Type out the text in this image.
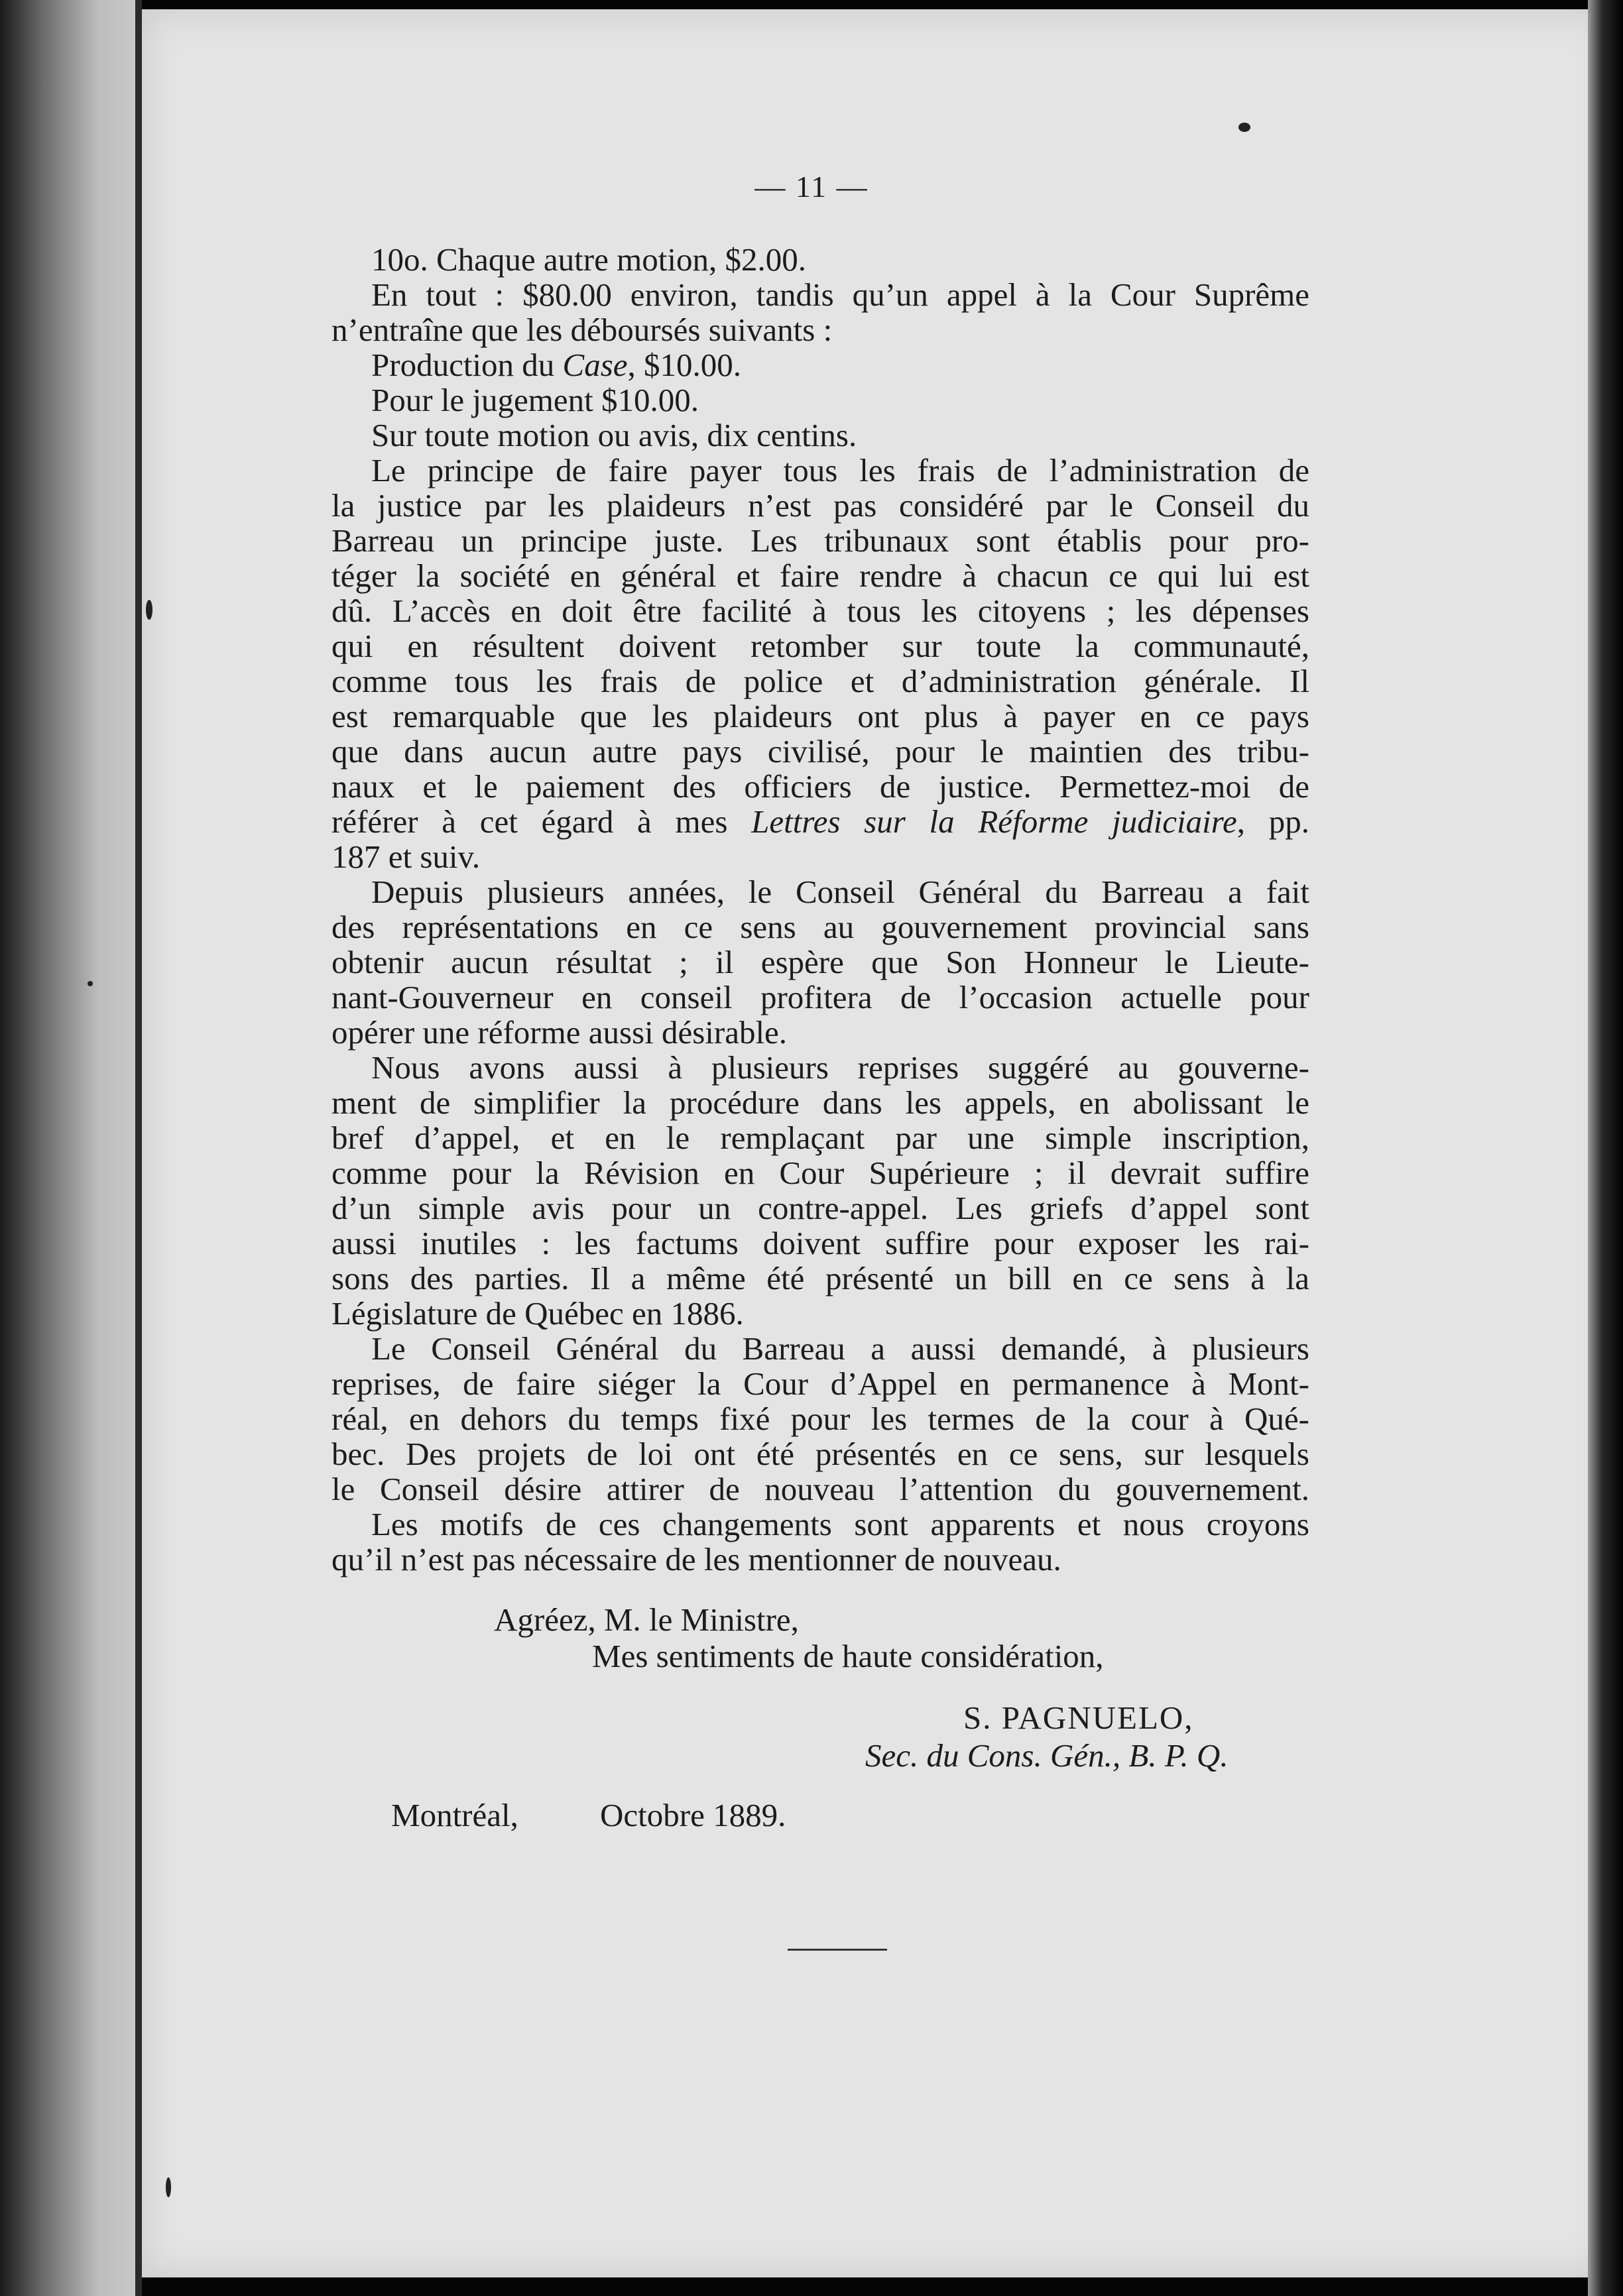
— 11 —
10o. Chaque autre motion, $2.00.
En tout : $80.00 environ, tandis qu’un appel à la Cour Suprême
n’entraîne que les déboursés suivants :
Production du Case, $10.00.
Pour le jugement $10.00.
Sur toute motion ou avis, dix centins.
Le principe de faire payer tous les frais de l’administration de
la justice par les plaideurs n’est pas considéré par le Conseil du
Barreau un principe juste. Les tribunaux sont établis pour pro-
téger la société en général et faire rendre à chacun ce qui lui est
dû. L’accès en doit être facilité à tous les citoyens ; les dépenses
qui en résultent doivent retomber sur toute la communauté,
comme tous les frais de police et d’administration générale. Il
est remarquable que les plaideurs ont plus à payer en ce pays
que dans aucun autre pays civilisé, pour le maintien des tribu-
naux et le paiement des officiers de justice. Permettez-moi de
référer à cet égard à mes Lettres sur la Réforme judiciaire, pp.
187 et suiv.
Depuis plusieurs années, le Conseil Général du Barreau a fait
des représentations en ce sens au gouvernement provincial sans
obtenir aucun résultat ; il espère que Son Honneur le Lieute-
nant-Gouverneur en conseil profitera de l’occasion actuelle pour
opérer une réforme aussi désirable.
Nous avons aussi à plusieurs reprises suggéré au gouverne-
ment de simplifier la procédure dans les appels, en abolissant le
bref d’appel, et en le remplaçant par une simple inscription,
comme pour la Révision en Cour Supérieure ; il devrait suffire
d’un simple avis pour un contre-appel. Les griefs d’appel sont
aussi inutiles : les factums doivent suffire pour exposer les rai-
sons des parties. Il a même été présenté un bill en ce sens à la
Législature de Québec en 1886.
Le Conseil Général du Barreau a aussi demandé, à plusieurs
reprises, de faire siéger la Cour d’Appel en permanence à Mont-
réal, en dehors du temps fixé pour les termes de la cour à Qué-
bec. Des projets de loi ont été présentés en ce sens, sur lesquels
le Conseil désire attirer de nouveau l’attention du gouvernement.
Les motifs de ces changements sont apparents et nous croyons
qu’il n’est pas nécessaire de les mentionner de nouveau.
Agréez, M. le Ministre,
Mes sentiments de haute considération,
S. PAGNUELO,
Sec. du Cons. Gén., B. P. Q.
Montréal,	Octobre 1889.
